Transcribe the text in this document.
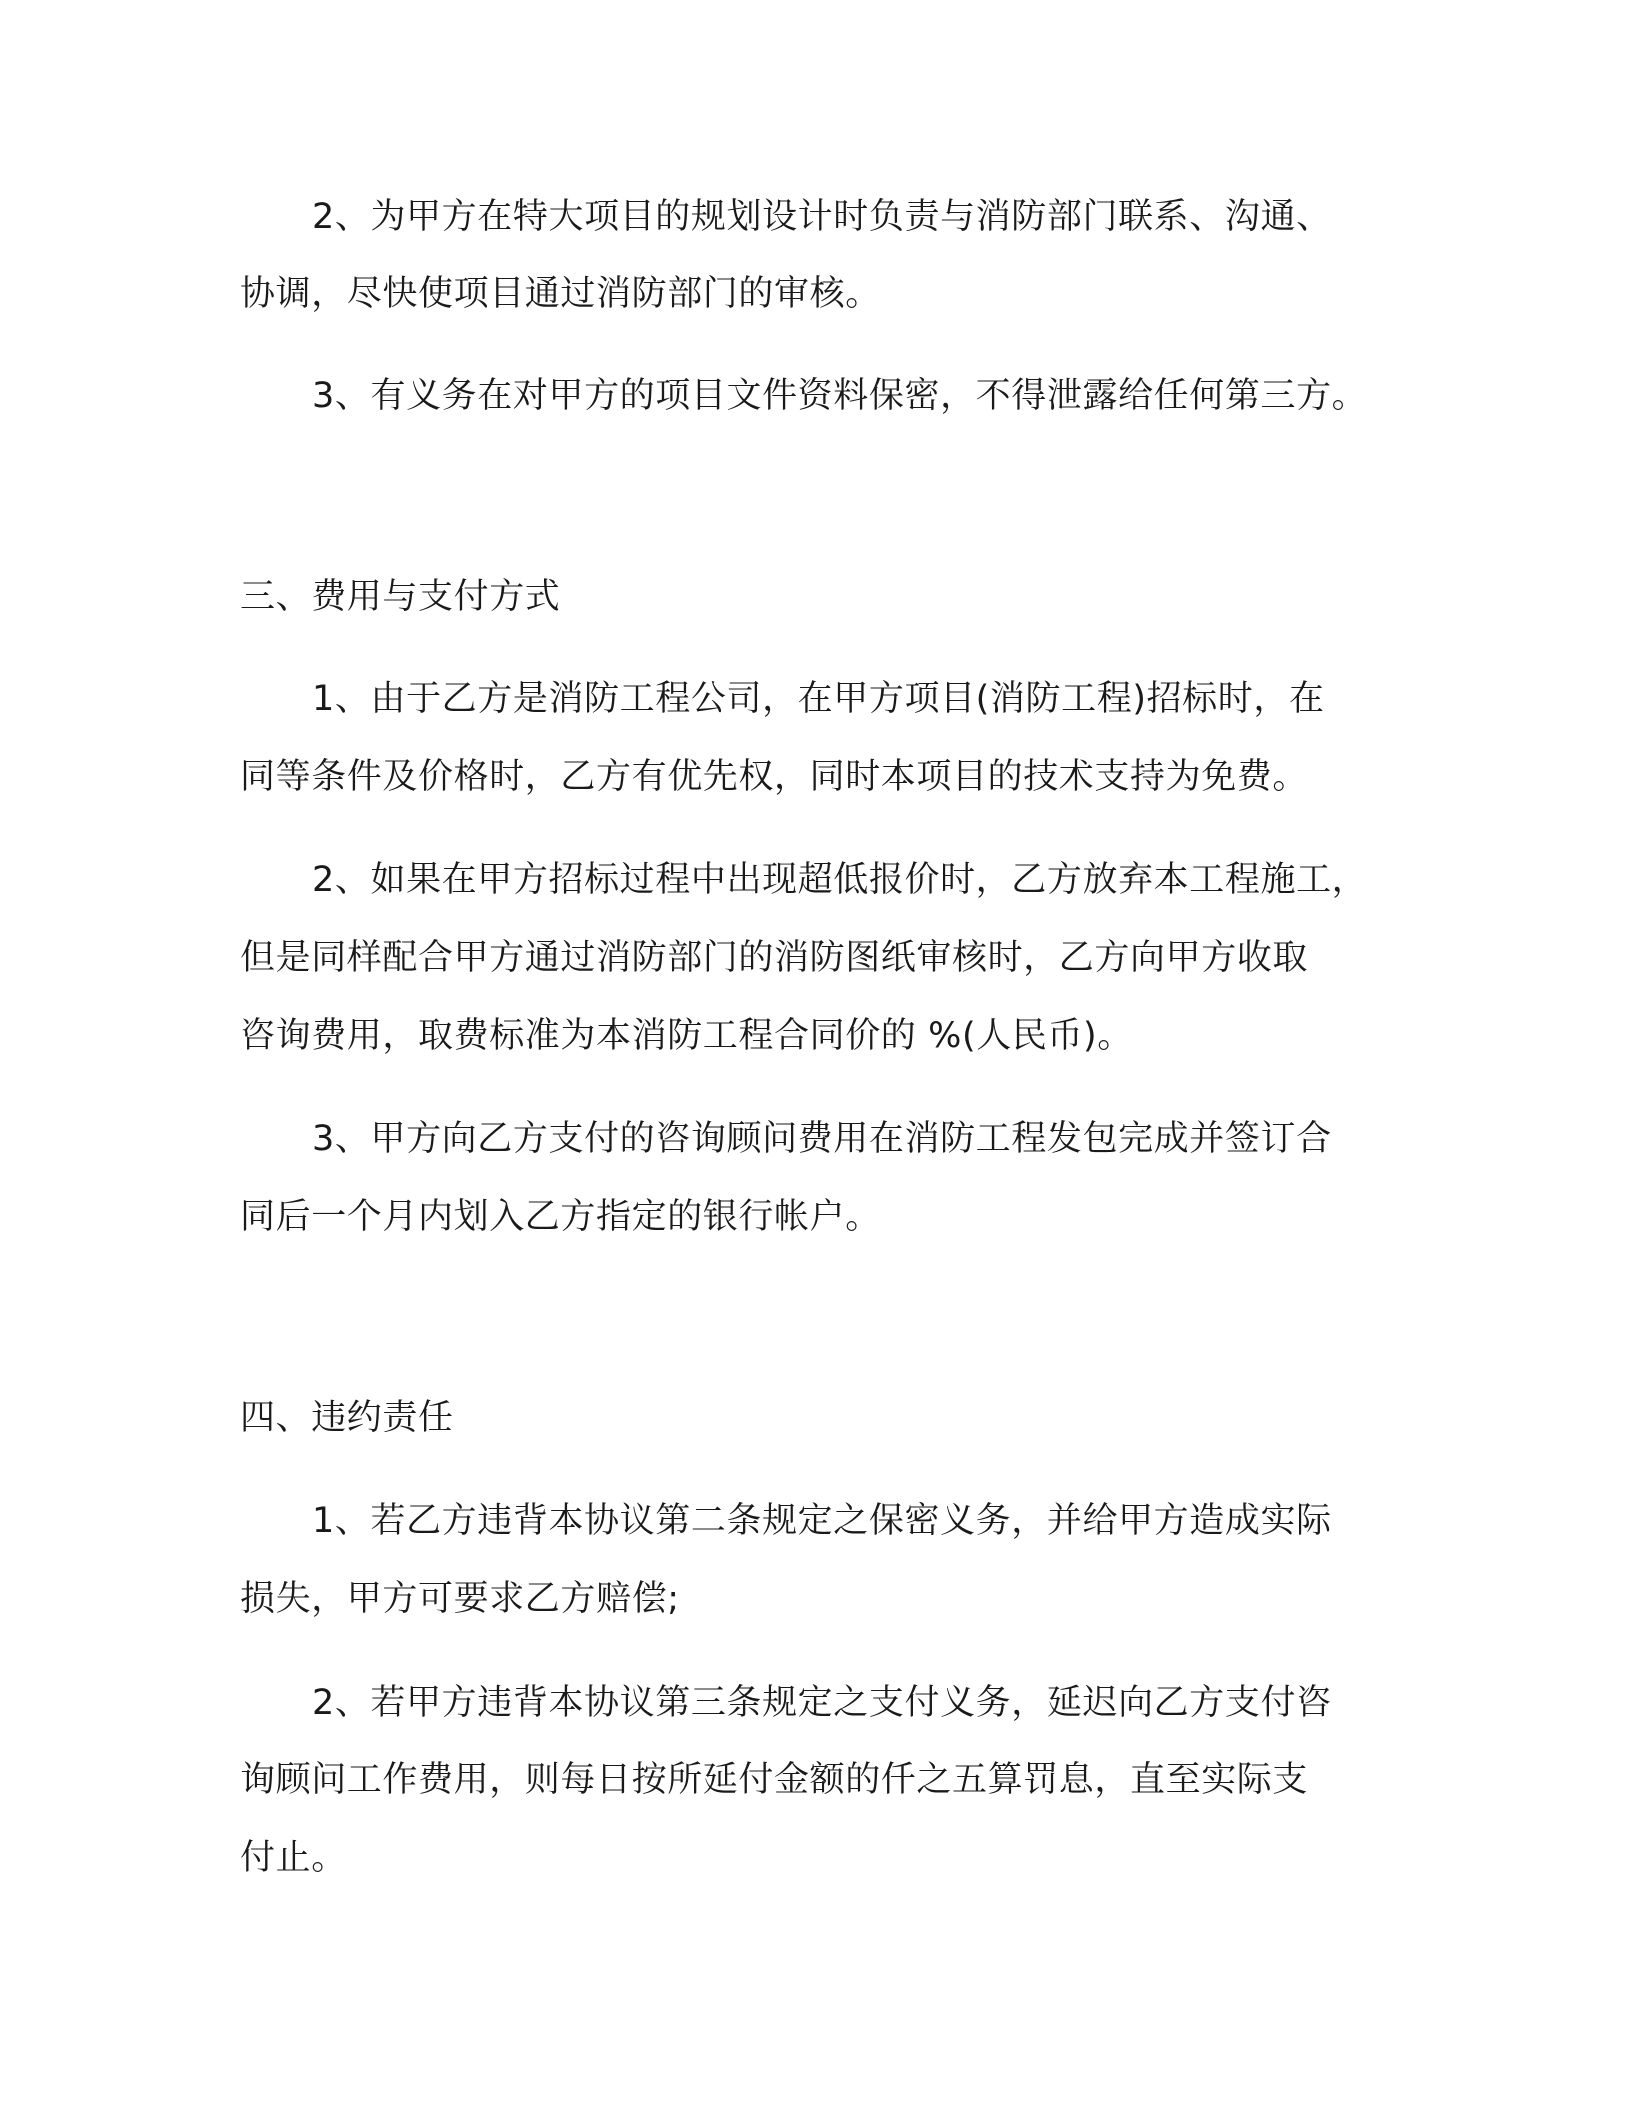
2、为甲方在特大项目的规划设计时负责与消防部门联系、沟通、
协调，尽快使项目通过消防部门的审核。
3、有义务在对甲方的项目文件资料保密，不得泄露给任何第三方。
三、费用与支付方式
1、由于乙方是消防工程公司，在甲方项目(消防工程)招标时，在
同等条件及价格时，乙方有优先权，同时本项目的技术支持为免费。
2、如果在甲方招标过程中出现超低报价时，乙方放弃本工程施工，
但是同样配合甲方通过消防部门的消防图纸审核时，乙方向甲方收取
咨询费用，取费标准为本消防工程合同价的 %(人民币)。
3、甲方向乙方支付的咨询顾问费用在消防工程发包完成并签订合
同后一个月内划入乙方指定的银行帐户。
四、违约责任
1、若乙方违背本协议第二条规定之保密义务，并给甲方造成实际
损失，甲方可要求乙方赔偿;
2、若甲方违背本协议第三条规定之支付义务，延迟向乙方支付咨
询顾问工作费用，则每日按所延付金额的仟之五算罚息，直至实际支
付止。
